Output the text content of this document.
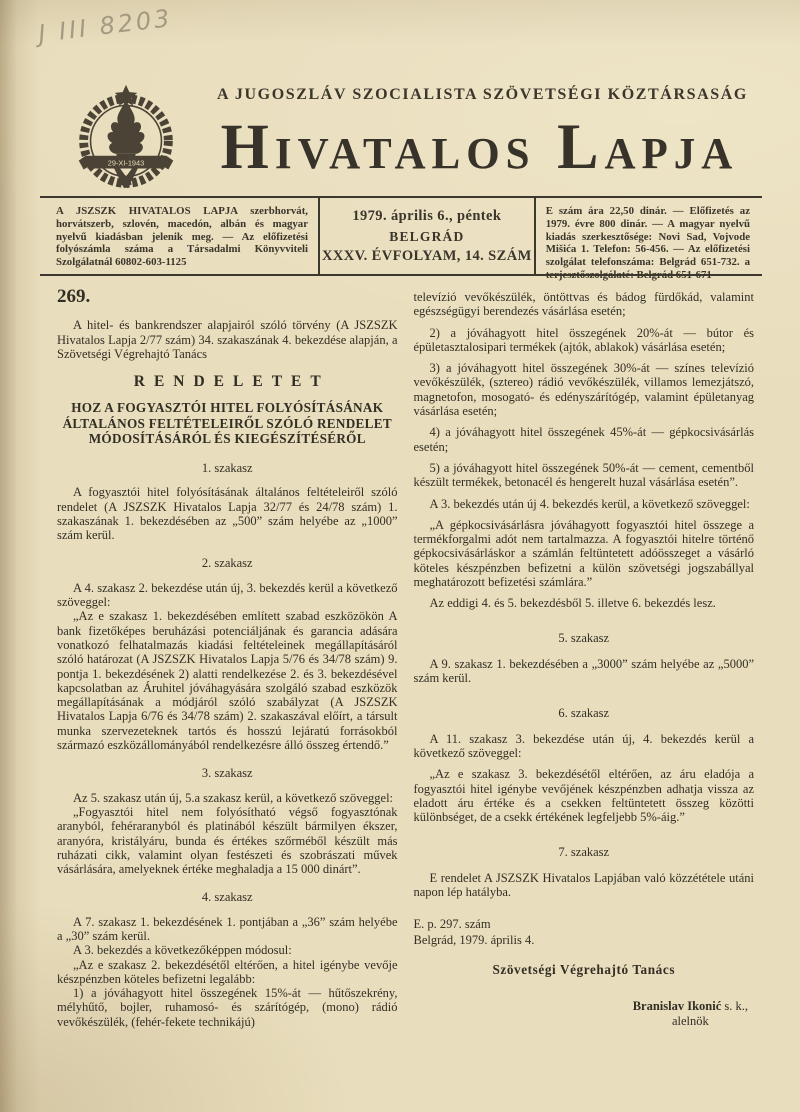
J III 8203
29-XI-1943
A JUGOSZLÁV SZOCIALISTA SZÖVETSÉGI KÖZTÁRSASÁG
Hivatalos Lapja
A JSZSZK HIVATALOS LAPJA szerbhorvát, horvátszerb, szlovén, macedón, albán és magyar nyelvű kiadásban jelenik meg. — Az előfizetési folyószámla száma a Társadalmi Könyvviteli Szolgálatnál 60802-603-1125
1979. április 6., péntek
BELGRÁD
XXXV. ÉVFOLYAM, 14. SZÁM
E szám ára 22,50 dinár. — Előfizetés az 1979. évre 800 dinár. — A magyar nyelvű kiadás szerkesztősége: Novi Sad, Vojvode Mišića 1. Telefon: 56-456. — Az előfizetési szolgálat telefonszáma: Belgrád 651-732. a terjesztőszolgálaté: Belgrád 651-671
269.

A hitel- és bankrendszer alapjairól szóló törvény (A JSZSZK Hivatalos Lapja 2/77 szám) 34. szakaszának 4. bekezdése alapján, a Szövetségi Végrehajtó Tanács

RENDELETET
HOZ A FOGYASZTÓI HITEL FOLYÓSÍTÁSÁNAK ÁLTALÁNOS FELTÉTELEIRŐL SZÓLÓ RENDELET MÓDOSÍTÁSÁRÓL ÉS KIEGÉSZÍTÉSÉRŐL
1. szakasz

A fogyasztói hitel folyósításának általános feltételeiről szóló rendelet (A JSZSZK Hivatalos Lapja 32/77 és 24/78 szám) 1. szakaszának 1. bekezdésében az „500” szám helyébe az „1000” szám kerül.

2. szakasz

A 4. szakasz 2. bekezdése után új, 3. bekezdés kerül a következő szöveggel:

„Az e szakasz 1. bekezdésében említett szabad eszközökön A bank fizetőképes beruházási potenciáljának és garancia adására vonatkozó felhatalmazás kiadási feltételeinek megállapításáról szóló határozat (A JSZSZK Hivatalos Lapja 5/76 és 34/78 szám) 9. pontja 1. bekezdésének 2) alatti rendelkezése 2. és 3. bekezdésével kapcsolatban az Áruhitel jóváhagyására szolgáló szabad eszközök megállapításának a módjáról szóló szabályzat (A JSZSZK Hivatalos Lapja 6/76 és 34/78 szám) 2. szakaszával előírt, a társult munka szervezeteknek tartós és hosszú lejáratú forrásokból származó eszközállományából rendelkezésre álló összeg értendő.”

3. szakasz

Az 5. szakasz után új, 5.a szakasz kerül, a következő szöveggel:

„Fogyasztói hitel nem folyósítható végső fogyasztónak aranyból, fehéraranyból és platinából készült bármilyen ékszer, aranyóra, kristályáru, bunda és értékes szőrméből készült más ruházati cikk, valamint olyan festészeti és szobrászati művek vásárlására, amelyeknek értéke meghaladja a 15 000 dinárt”.

4. szakasz

A 7. szakasz 1. bekezdésének 1. pontjában a „36” szám helyébe a „30” szám kerül.

A 3. bekezdés a következőképpen módosul:

„Az e szakasz 2. bekezdésétől eltérően, a hitel igénybe vevője készpénzben köteles befizetni legalább:

1) a jóváhagyott hitel összegének 15%-át — hűtőszekrény, mélyhűtő, bojler, ruhamosó- és szárítógép, (mono) rádió vevőkészülék, (fehér-fekete technikájú)

televízió vevőkészülék, öntöttvas és bádog fürdőkád, valamint egészségügyi berendezés vásárlása esetén;

2) a jóváhagyott hitel összegének 20%-át — bútor és épületasztalosipari termékek (ajtók, ablakok) vásárlása esetén;

3) a jóváhagyott hitel összegének 30%-át — színes televízió vevőkészülék, (sztereo) rádió vevőkészülék, villamos lemezjátszó, magnetofon, mosogató- és edényszárítógép, valamint épületanyag vásárlása esetén;

4) a jóváhagyott hitel összegének 45%-át — gépkocsivásárlás esetén;

5) a jóváhagyott hitel összegének 50%-át — cement, cementből készült termékek, betonacél és hengerelt huzal vásárlása esetén”.

A 3. bekezdés után új 4. bekezdés kerül, a következő szöveggel:

„A gépkocsivásárlásra jóváhagyott fogyasztói hitel összege a termékforgalmi adót nem tartalmazza. A fogyasztói hitelre történő gépkocsivásárláskor a számlán feltüntetett adóösszeget a vásárló köteles készpénzben befizetni a külön szövetségi jogszabállyal meghatározott befizetési számlára.”

Az eddigi 4. és 5. bekezdésből 5. illetve 6. bekezdés lesz.

5. szakasz

A 9. szakasz 1. bekezdésében a „3000” szám helyébe az „5000” szám kerül.

6. szakasz

A 11. szakasz 3. bekezdése után új, 4. bekezdés kerül a következő szöveggel:

„Az e szakasz 3. bekezdésétől eltérően, az áru eladója a fogyasztói hitel igénybe vevőjének készpénzben adhatja vissza az eladott áru értéke és a csekken feltüntetett összeg közötti különbséget, de a csekk értékének legfeljebb 5%-áig.”

7. szakasz

E rendelet A JSZSZK Hivatalos Lapjában való közzététele utáni napon lép hatályba.

E. p. 297. szám

Belgrád, 1979. április 4.

Szövetségi Végrehajtó Tanács
Branislav Ikonić s. k.,
alelnök
